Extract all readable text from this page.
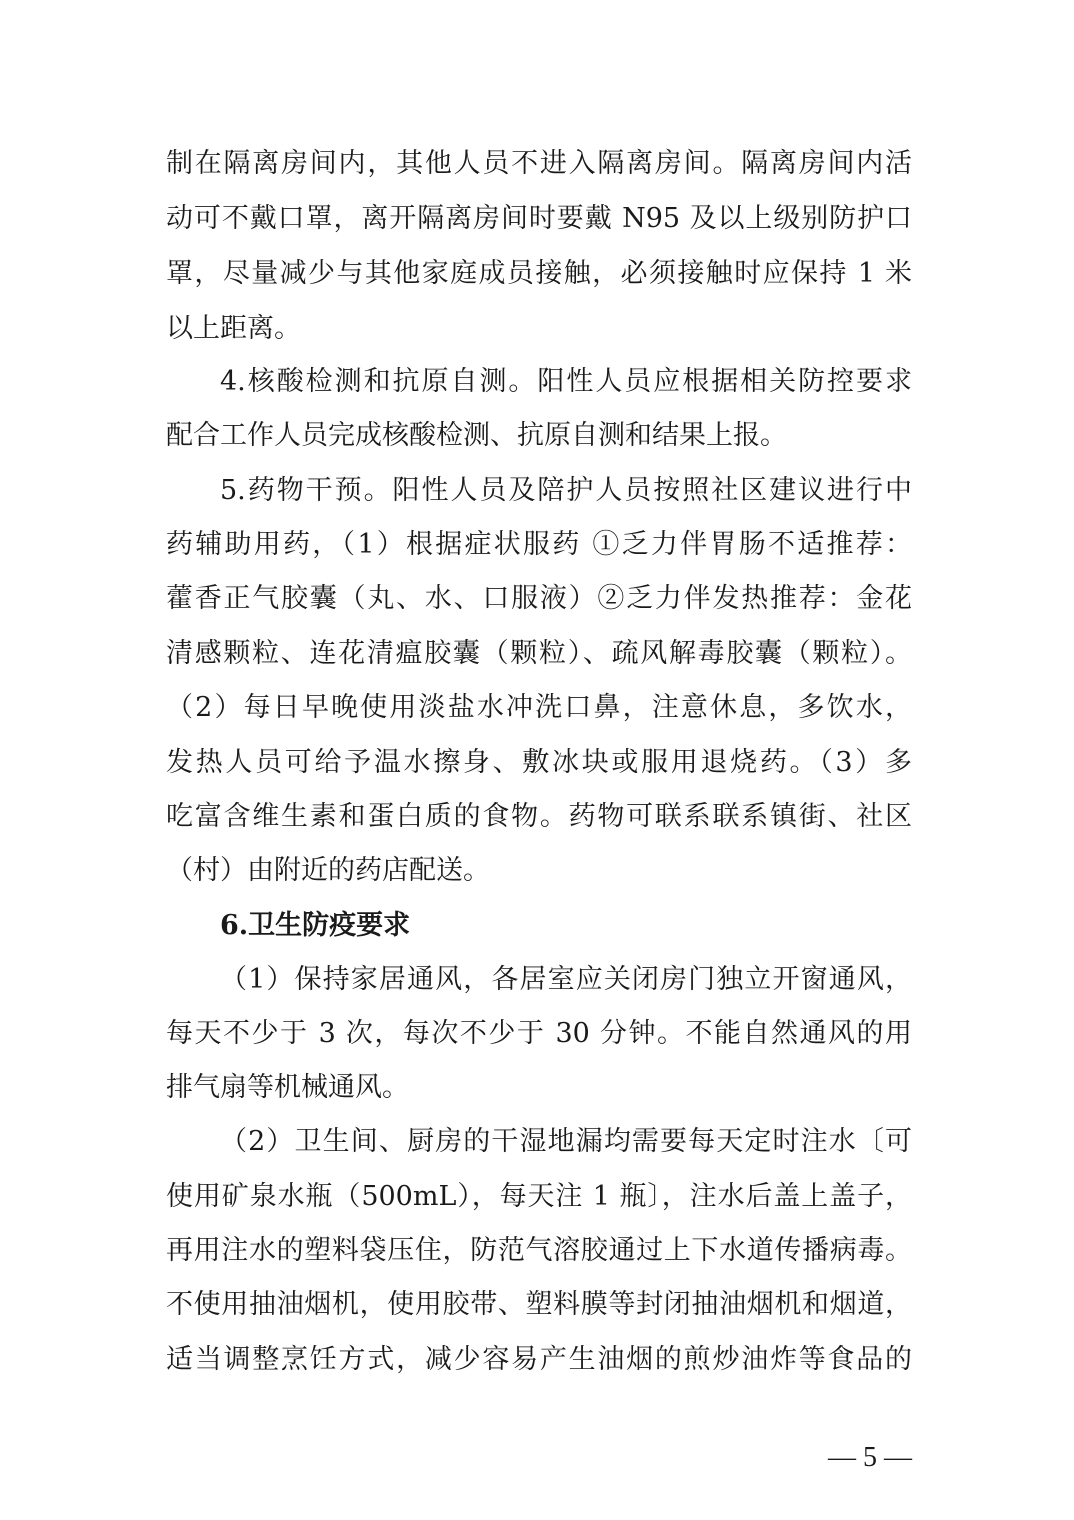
制在隔离房间内，其他人员不进入隔离房间。隔离房间内活
动可不戴口罩，离开隔离房间时要戴 N95 及以上级别防护口
罩，尽量减少与其他家庭成员接触，必须接触时应保持 1 米
以上距离。
4.核酸检测和抗原自测。阳性人员应根据相关防控要求
配合工作人员完成核酸检测、抗原自测和结果上报。
5.药物干预。阳性人员及陪护人员按照社区建议进行中
药辅助用药，（1）根据症状服药 ①乏力伴胃肠不适推荐：
藿香正气胶囊（丸、水、口服液）②乏力伴发热推荐：金花
清感颗粒、连花清瘟胶囊（颗粒）、疏风解毒胶囊（颗粒）。
（2）每日早晚使用淡盐水冲洗口鼻，注意休息，多饮水，
发热人员可给予温水擦身、敷冰块或服用退烧药。（3）多
吃富含维生素和蛋白质的食物。药物可联系联系镇街、社区
（村）由附近的药店配送。
6.卫生防疫要求
（1）保持家居通风，各居室应关闭房门独立开窗通风，
每天不少于 3 次，每次不少于 30 分钟。不能自然通风的用
排气扇等机械通风。
（2）卫生间、厨房的干湿地漏均需要每天定时注水〔可
使用矿泉水瓶（500mL），每天注 1 瓶〕，注水后盖上盖子，
再用注水的塑料袋压住，防范气溶胶通过上下水道传播病毒。
不使用抽油烟机，使用胶带、塑料膜等封闭抽油烟机和烟道，
适当调整烹饪方式，减少容易产生油烟的煎炒油炸等食品的
— 5 —
